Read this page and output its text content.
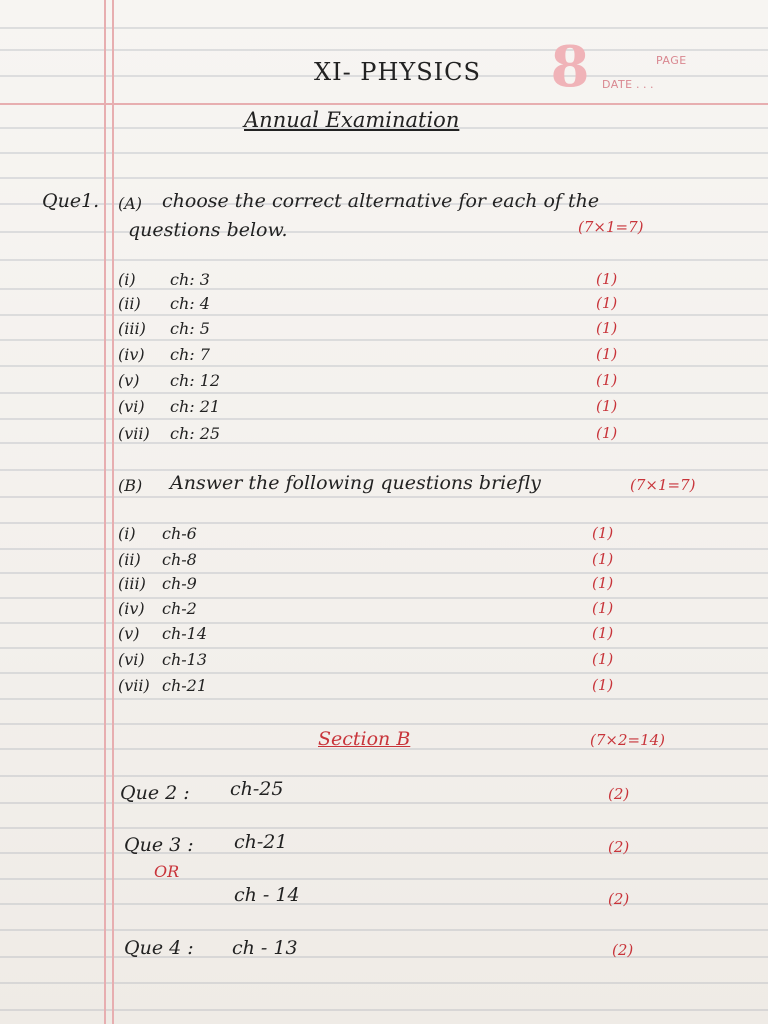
8	PAGE
DATE . . .
XI- PHYSICS
Annual Examination
Que1. (A) choose the correct alternative for each of the
questions below.	(7×1=7)
(i) ch: 3	(1)
(ii) ch: 4	(1)
(iii) ch: 5	(1)
(iv) ch: 7	(1)
(v) ch: 12	(1)
(vi) ch: 21	(1)
(vii) ch: 25	(1)
(B) Answer the following questions briefly	(7×1=7)
(i) ch-6	(1)
(ii) ch-8	(1)
(iii) ch-9	(1)
(iv) ch-2	(1)
(v) ch-14	(1)
(vi) ch-13	(1)
(vii) ch-21	(1)
Section B	(7×2=14)
Que 2 : ch-25	(2)
Que 3 : ch-21	(2)
OR
ch - 14	(2)
Que 4 : ch - 13	(2)
